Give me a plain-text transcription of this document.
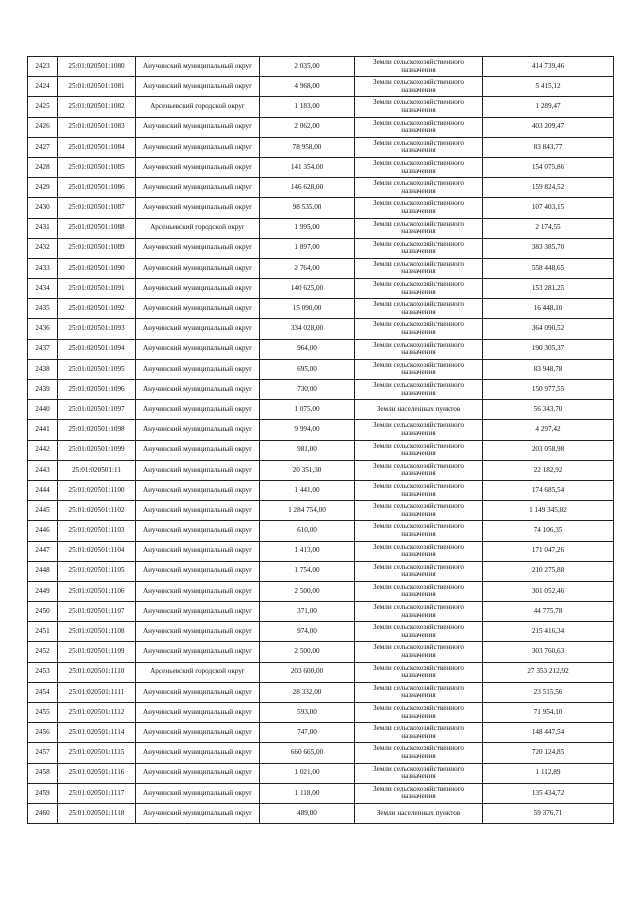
2423	25:01:020501:1080	Анучинский муниципальный округ	2 035,00	Земли сельскохозяйственного назначения	414 739,46
2424	25:01:020501:1081	Анучинский муниципальный округ	4 968,00	Земли сельскохозяйственного назначения	5 415,12
2425	25:01:020501:1082	Арсеньевский городской округ	1 183,00	Земли сельскохозяйственного назначения	1 289,47
2426	25:01:020501:1083	Анучинский муниципальный округ	2 062,00	Земли сельскохозяйственного назначения	403 209,47
2427	25:01:020501:1084	Анучинский муниципальный округ	78 958,00	Земли сельскохозяйственного назначения	83 843,77
2428	25:01:020501:1085	Анучинский муниципальный округ	141 354,00	Земли сельскохозяйственного назначения	154 075,86
2429	25:01:020501:1086	Анучинский муниципальный округ	146 628,00	Земли сельскохозяйственного назначения	159 824,52
2430	25:01:020501:1087	Анучинский муниципальный округ	98 535,00	Земли сельскохозяйственного назначения	107 403,15
2431	25:01:020501:1088	Арсеньевский городской округ	1 995,00	Земли сельскохозяйственного назначения	2 174,55
2432	25:01:020501:1089	Анучинский муниципальный округ	1 897,00	Земли сельскохозяйственного назначения	383 385,70
2433	25:01:020501:1090	Анучинский муниципальный округ	2 764,00	Земли сельскохозяйственного назначения	558 448,65
2434	25:01:020501:1091	Анучинский муниципальный округ	140 625,00	Земли сельскохозяйственного назначения	153 281,25
2435	25:01:020501:1092	Анучинский муниципальный округ	15 090,00	Земли сельскохозяйственного назначения	16 448,10
2436	25:01:020501:1093	Анучинский муниципальный округ	334 028,00	Земли сельскохозяйственного назначения	364 090,52
2437	25:01:020501:1094	Анучинский муниципальный округ	964,00	Земли сельскохозяйственного назначения	190 305,37
2438	25:01:020501:1095	Анучинский муниципальный округ	695,00	Земли сельскохозяйственного назначения	83 948,78
2439	25:01:020501:1096	Анучинский муниципальный округ	730,00	Земли сельскохозяйственного назначения	150 977,55
2440	25:01:020501:1097	Анучинский муниципальный округ	1 075,00	Земли населенных пунктов	56 343,70
2441	25:01:020501:1098	Анучинский муниципальный округ	9 994,00	Земли сельскохозяйственного назначения	4 297,42
2442	25:01:020501:1099	Анучинский муниципальный округ	981,00	Земли сельскохозяйственного назначения	203 058,98
2443	25:01:020501:11	Анучинский муниципальный округ	20 351,30	Земли сельскохозяйственного назначения	22 182,92
2444	25:01:020501:1100	Анучинский муниципальный округ	1 441,00	Земли сельскохозяйственного назначения	174 685,54
2445	25:01:020501:1102	Анучинский муниципальный округ	1 284 754,00	Земли сельскохозяйственного назначения	1 149 345,82
2446	25:01:020501:1103	Анучинский муниципальный округ	610,00	Земли сельскохозяйственного назначения	74 106,35
2447	25:01:020501:1104	Анучинский муниципальный округ	1 413,00	Земли сельскохозяйственного назначения	171 047,26
2448	25:01:020501:1105	Анучинский муниципальный округ	1 754,00	Земли сельскохозяйственного назначения	210 275,88
2449	25:01:020501:1106	Анучинский муниципальный округ	2 500,00	Земли сельскохозяйственного назначения	301 052,46
2450	25:01:020501:1107	Анучинский муниципальный округ	371,00	Земли сельскохозяйственного назначения	44 775,78
2451	25:01:020501:1108	Анучинский муниципальный округ	974,00	Земли сельскохозяйственного назначения	215 416,34
2452	25:01:020501:1109	Анучинский муниципальный округ	2 500,00	Земли сельскохозяйственного назначения	303 760,63
2453	25:01:020501:1110	Арсеньевский городской округ	203 600,00	Земли сельскохозяйственного назначения	27 353 212,92
2454	25:01:020501:1111	Анучинский муниципальный округ	28 332,00	Земли сельскохозяйственного назначения	23 515,56
2455	25:01:020501:1112	Анучинский муниципальный округ	593,00	Земли сельскохозяйственного назначения	71 954,10
2456	25:01:020501:1114	Анучинский муниципальный округ	747,00	Земли сельскохозяйственного назначения	148 447,54
2457	25:01:020501:1115	Анучинский муниципальный округ	660 665,00	Земли сельскохозяйственного назначения	720 124,85
2458	25:01:020501:1116	Анучинский муниципальный округ	1 021,00	Земли сельскохозяйственного назначения	1 112,89
2459	25:01:020501:1117	Анучинский муниципальный округ	1 118,00	Земли сельскохозяйственного назначения	135 434,72
2460	25:01:020501:1118	Анучинский муниципальный округ	489,00	Земли населенных пунктов	59 376,71
